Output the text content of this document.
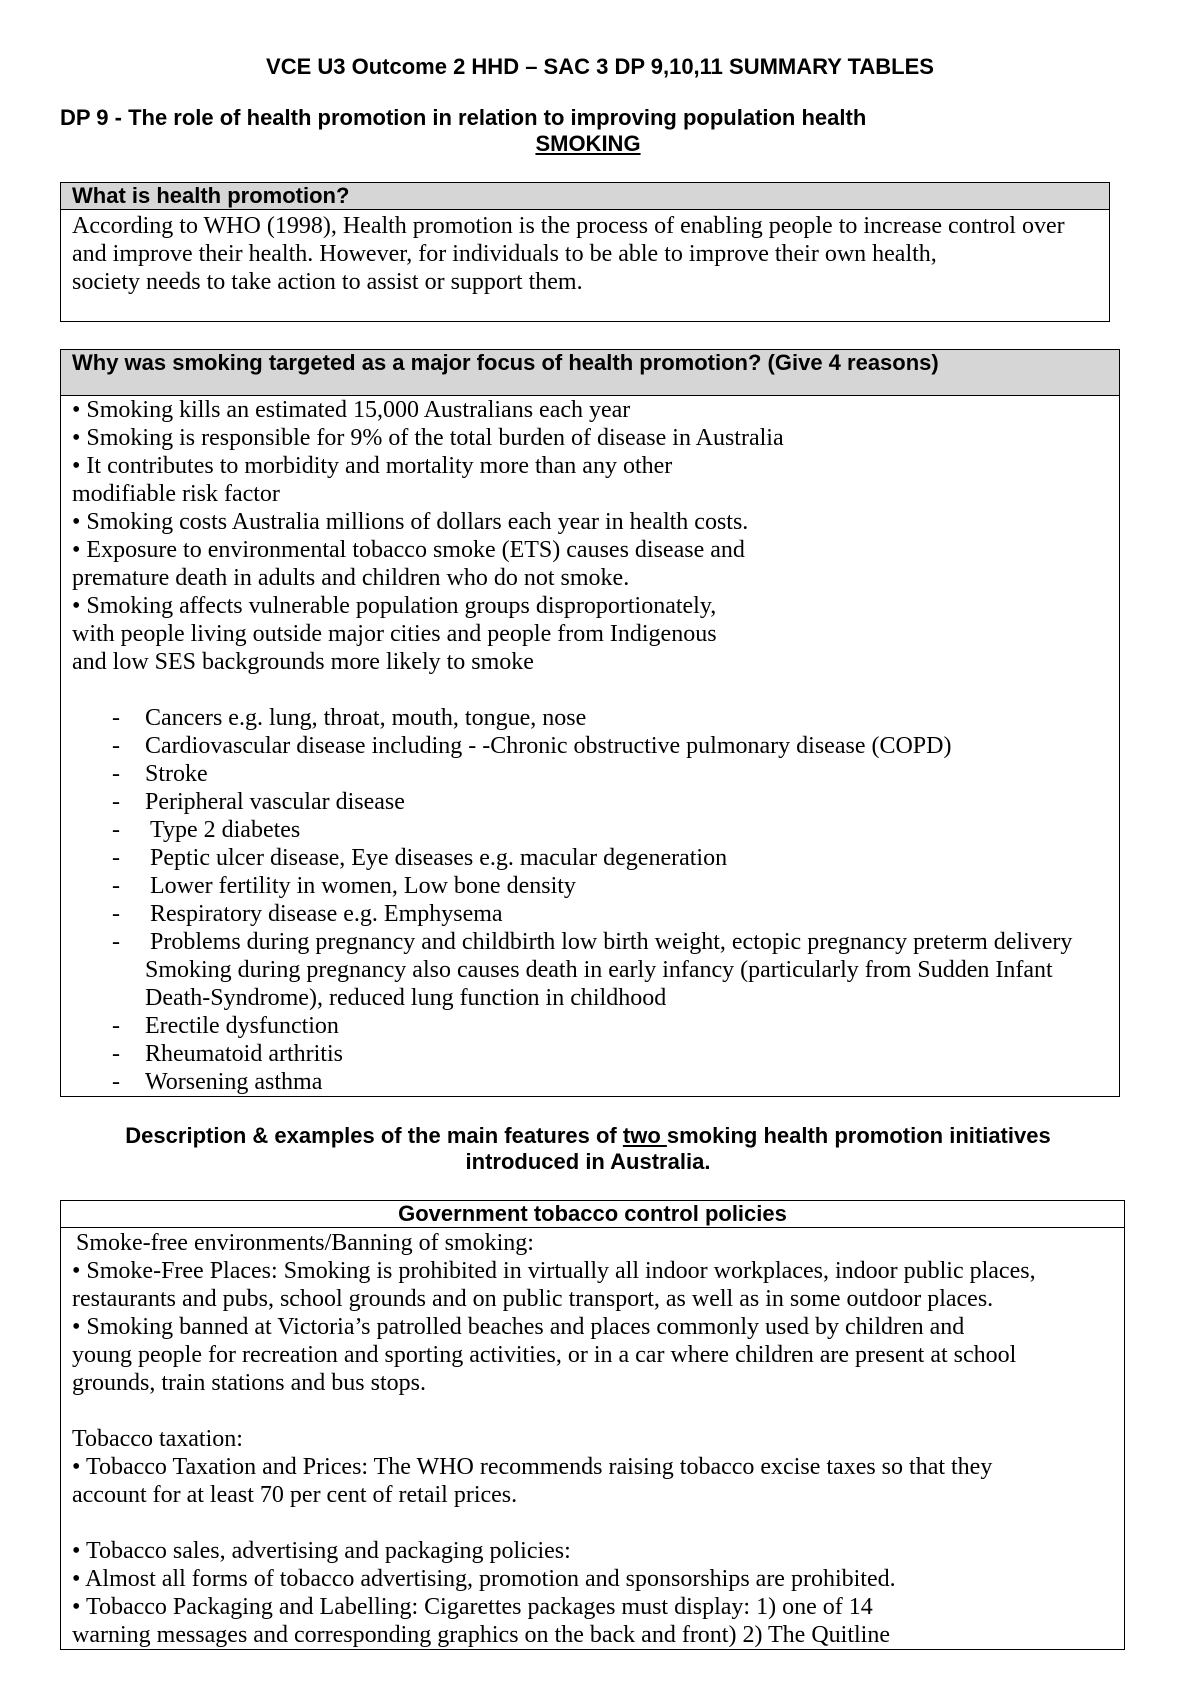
VCE U3 Outcome 2 HHD – SAC 3 DP 9,10,11 SUMMARY TABLES
DP 9 - The role of health promotion in relation to improving population health
SMOKING
What is health promotion?
According to WHO (1998), Health promotion is the process of enabling people to increase control over
and improve their health. However, for individuals to be able to improve their own health,
society needs to take action to assist or support them.
Why was smoking targeted as a major focus of health promotion? (Give 4 reasons)
• Smoking kills an estimated 15,000 Australians each year
• Smoking is responsible for 9% of the total burden of disease in Australia
• It contributes to morbidity and mortality more than any other
modifiable risk factor
• Smoking costs Australia millions of dollars each year in health costs.
• Exposure to environmental tobacco smoke (ETS) causes disease and
premature death in adults and children who do not smoke.
• Smoking affects vulnerable population groups disproportionately,
with people living outside major cities and people from Indigenous
and low SES backgrounds more likely to smoke
-	Cancers e.g. lung, throat, mouth, tongue, nose
-	Cardiovascular disease including - -Chronic obstructive pulmonary disease (COPD)
-	Stroke
-	Peripheral vascular disease
-	Type 2 diabetes
-	Peptic ulcer disease, Eye diseases e.g. macular degeneration
-	Lower fertility in women, Low bone density
-	Respiratory disease e.g. Emphysema
-	Problems during pregnancy and childbirth low birth weight, ectopic pregnancy preterm delivery
Smoking during pregnancy also causes death in early infancy (particularly from Sudden Infant
Death-Syndrome), reduced lung function in childhood
-	Erectile dysfunction
-	Rheumatoid arthritis
-	Worsening asthma
Description & examples of the main features of two smoking health promotion initiatives
introduced in Australia.
Government tobacco control policies
Smoke-free environments/Banning of smoking:
• Smoke-Free Places: Smoking is prohibited in virtually all indoor workplaces, indoor public places,
restaurants and pubs, school grounds and on public transport, as well as in some outdoor places.
• Smoking banned at Victoria’s patrolled beaches and places commonly used by children and
young people for recreation and sporting activities, or in a car where children are present at school
grounds, train stations and bus stops.
Tobacco taxation:
• Tobacco Taxation and Prices: The WHO recommends raising tobacco excise taxes so that they
account for at least 70 per cent of retail prices.
• Tobacco sales, advertising and packaging policies:
• Almost all forms of tobacco advertising, promotion and sponsorships are prohibited.
• Tobacco Packaging and Labelling: Cigarettes packages must display: 1) one of 14
warning messages and corresponding graphics on the back and front) 2) The Quitline
